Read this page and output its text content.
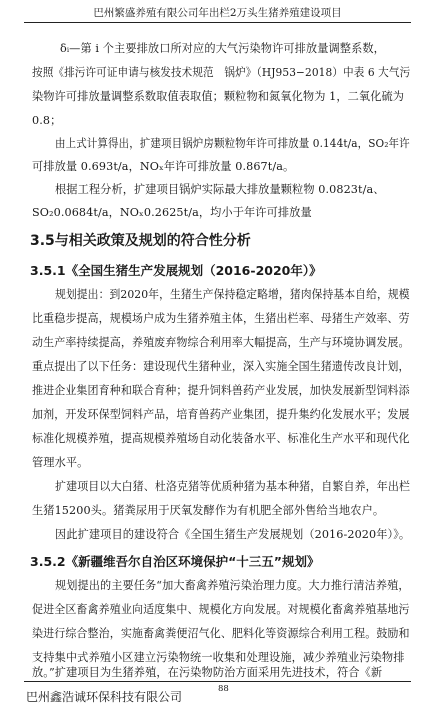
巴州繁盛养殖有限公司年出栏2万头生猪养殖建设项目
δᵢ—第 i 个主要排放口所对应的大气污染物许可排放量调整系数，
按照《排污许可证申请与核发技术规范　锅炉》（HJ953−2018）中表 6 大气污
染物许可排放量调整系数取值表取值；颗粒物和氮氧化物为 1，二氧化硫为
0.8；
由上式计算得出，扩建项目锅炉房颗粒物年许可排放量 0.144t/a，SO₂年许
可排放量 0.693t/a，NOₓ年许可排放量 0.867t/a。
根据工程分析，扩建项目锅炉实际最大排放量颗粒物 0.0823t/a、
SO₂0.0684t/a，NOₓ0.2625t/a，均小于年许可排放量
3.5与相关政策及规划的符合性分析
3.5.1《全国生猪生产发展规划（2016-2020年）》
规划提出：到2020年，生猪生产保持稳定略增，猪肉保持基本自给，规模
比重稳步提高，规模场户成为生猪养殖主体，生猪出栏率、母猪生产效率、劳
动生产率持续提高，养殖废弃物综合利用率大幅提高，生产与环境协调发展。
重点提出了以下任务：建设现代生猪种业，深入实施全国生猪遗传改良计划，
推进企业集团育种和联合育种；提升饲料兽药产业发展，加快发展新型饲料添
加剂，开发环保型饲料产品，培育兽药产业集团，提升集约化发展水平；发展
标准化规模养殖，提高规模养殖场自动化装备水平、标准化生产水平和现代化
管理水平。
扩建项目以大白猪、杜洛克猪等优质种猪为基本种猪，自繁自养，年出栏
生猪15200头。猪粪尿用于厌氧发酵作为有机肥全部外售给当地农户。
因此扩建项目的建设符合《全国生猪生产发展规划（2016-2020年）》。
3.5.2《新疆维吾尔自治区环境保护“十三五”规划》
规划提出的主要任务“加大畜禽养殖污染治理力度。大力推行清洁养殖，
促进全区畜禽养殖业向适度集中、规模化方向发展。对规模化畜禽养殖基地污
染进行综合整治，实施畜禽粪便沼气化、肥料化等资源综合利用工程。鼓励和
支持集中式养殖小区建立污染物统一收集和处理设施，减少养殖业污染物排
放。”扩建项目为生猪养殖，在污染物防治方面采用先进技术，符合《新
巴州鑫浩诚环保科技有限公司
88
